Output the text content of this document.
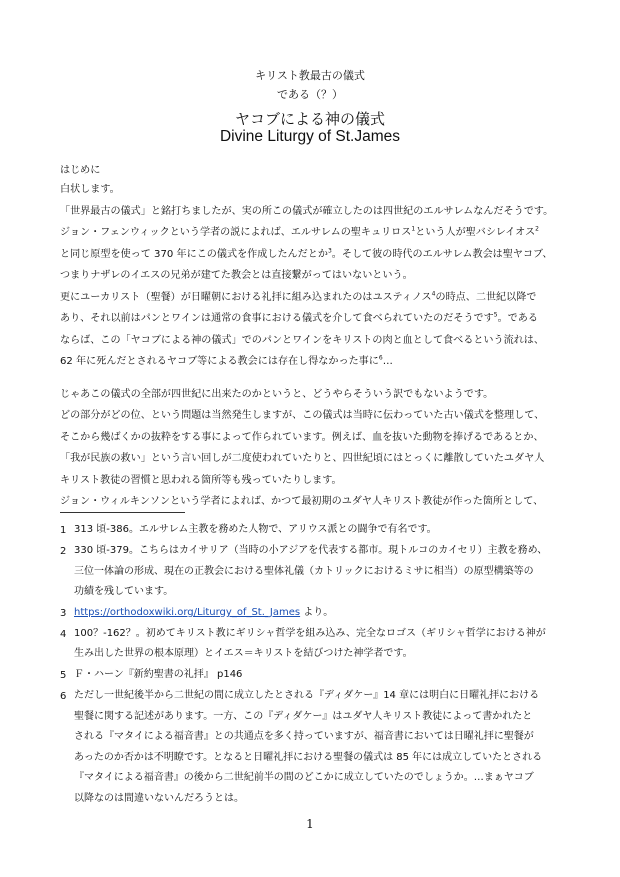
キリスト教最古の儀式
である（？）
ヤコブによる神の儀式
Divine Liturgy of St.James
はじめに
白状します。
「世界最古の儀式」と銘打ちましたが、実の所この儀式が確立したのは四世紀のエルサレムなんだそうです。
ジョン・フェンウィックという学者の説によれば、エルサレムの聖キュリロス$^1$という人が聖バシレイオス$^2$
と同じ原型を使って 370 年にこの儀式を作成したんだとか$^3$。そして彼の時代のエルサレム教会は聖ヤコブ、
つまりナザレのイエスの兄弟が建てた教会とは直接繋がってはいないという。
更にユーカリスト（聖餐）が日曜朝における礼拝に組み込まれたのはユスティノス$^4$の時点、二世紀以降で
あり、それ以前はパンとワインは通常の食事における儀式を介して食べられていたのだそうです$^5$。である
ならば、この「ヤコブによる神の儀式」でのパンとワインをキリストの肉と血として食べるという流れは、
62 年に死んだとされるヤコブ等による教会には存在し得なかった事に$^6$…
じゃあこの儀式の全部が四世紀に出来たのかというと、どうやらそういう訳でもないようです。
どの部分がどの位、という問題は当然発生しますが、この儀式は当時に伝わっていた古い儀式を整理して、
そこから幾ばくかの抜粋をする事によって作られています。例えば、血を抜いた動物を捧げるであるとか、
「我が民族の救い」という言い回しが二度使われていたりと、四世紀頃にはとっくに離散していたユダヤ人
キリスト教徒の習慣と思われる箇所等も残っていたりします。
ジョン・ウィルキンソンという学者によれば、かつて最初期のユダヤ人キリスト教徒が作った箇所として、
1 313 頃-386。エルサレム主教を務めた人物で、アリウス派との闘争で有名です。
2 330 頃-379。こちらはカイサリア（当時の小アジアを代表する都市。現トルコのカイセリ）主教を務め、
三位一体論の形成、現在の正教会における聖体礼儀（カトリックにおけるミサに相当）の原型構築等の
功績を残しています。
3 https://orthodoxwiki.org/Liturgy_of_St._James より。
4 100？-162？。初めてキリスト教にギリシャ哲学を組み込み、完全なロゴス（ギリシャ哲学における神が
生み出した世界の根本原理）とイエス＝キリストを結びつけた神学者です。
5 Ｆ・ハーン『新約聖書の礼拝』 p146
6 ただし一世紀後半から二世紀の間に成立したとされる『ディダケー』14 章には明白に日曜礼拝における
聖餐に関する記述があります。一方、この『ディダケー』はユダヤ人キリスト教徒によって書かれたと
される『マタイによる福音書』との共通点を多く持っていますが、福音書においては日曜礼拝に聖餐が
あったのか否かは不明瞭です。となると日曜礼拝における聖餐の儀式は 85 年には成立していたとされる
『マタイによる福音書』の後から二世紀前半の間のどこかに成立していたのでしょうか。…まぁヤコブ
以降なのは間違いないんだろうとは。
1
